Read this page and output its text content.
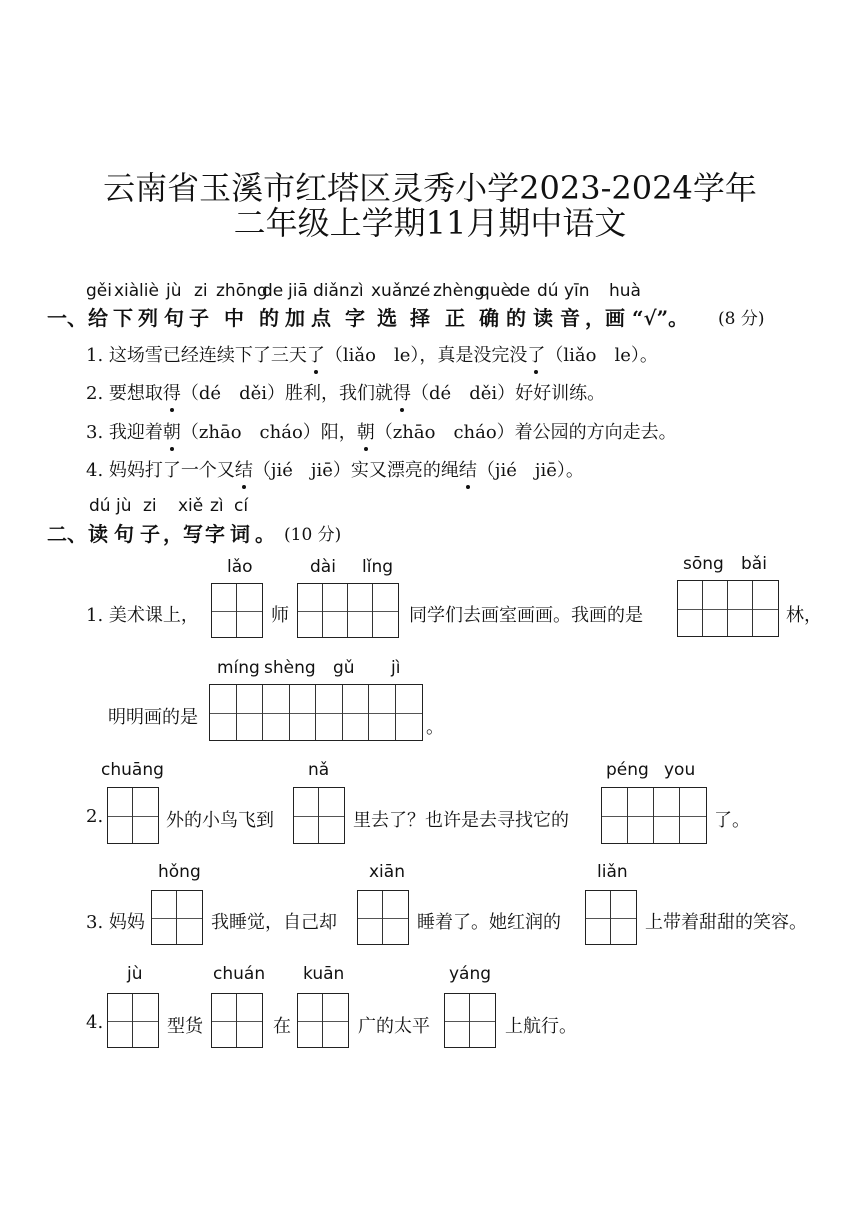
云南省玉溪市红塔区灵秀小学2023-2024学年
二年级上学期11月期中语文
gěi xià liè jù zi zhōng
de jiā diǎn zì xuǎn
zé zhèng
què
de dú yīn huà
一、 给 下 列 句 子 中 的 加 点 字 选 择 正 确 的 读 音 ，画 “√”。 (8 分)
1. 这场雪已经连续下了三天了（liǎo　le），真是没完没了（liǎo　le）。
2. 要想取得（dé　děi）胜利，我们就得（dé　děi）好好训练。
3. 我迎着朝（zhāo　cháo）阳，朝（zhāo　cháo）着公园的方向走去。
4. 妈妈打了一个又结（jié　jiē）实又漂亮的绳结（jié　jiē）。
dú jù zi xiě zì cí
二、 读 句 子 ，写 字 词 。 (10 分)
lǎo	dài lǐng	sōng bǎi
1. 美术课上，	师	同学们去画室画画。我画的是	林，
míng shèng gǔ jì
明明画的是	。
chuāng	nǎ	péng you
2.	外的小鸟飞到	里去了？也许是去寻找它的	了。
hǒng	xiān	liǎn
3. 妈妈	我睡觉，自己却	睡着了。她红润的	上带着甜甜的笑容。
jù	chuán kuān	yáng
4.	型货	在	广的太平	上航行。
